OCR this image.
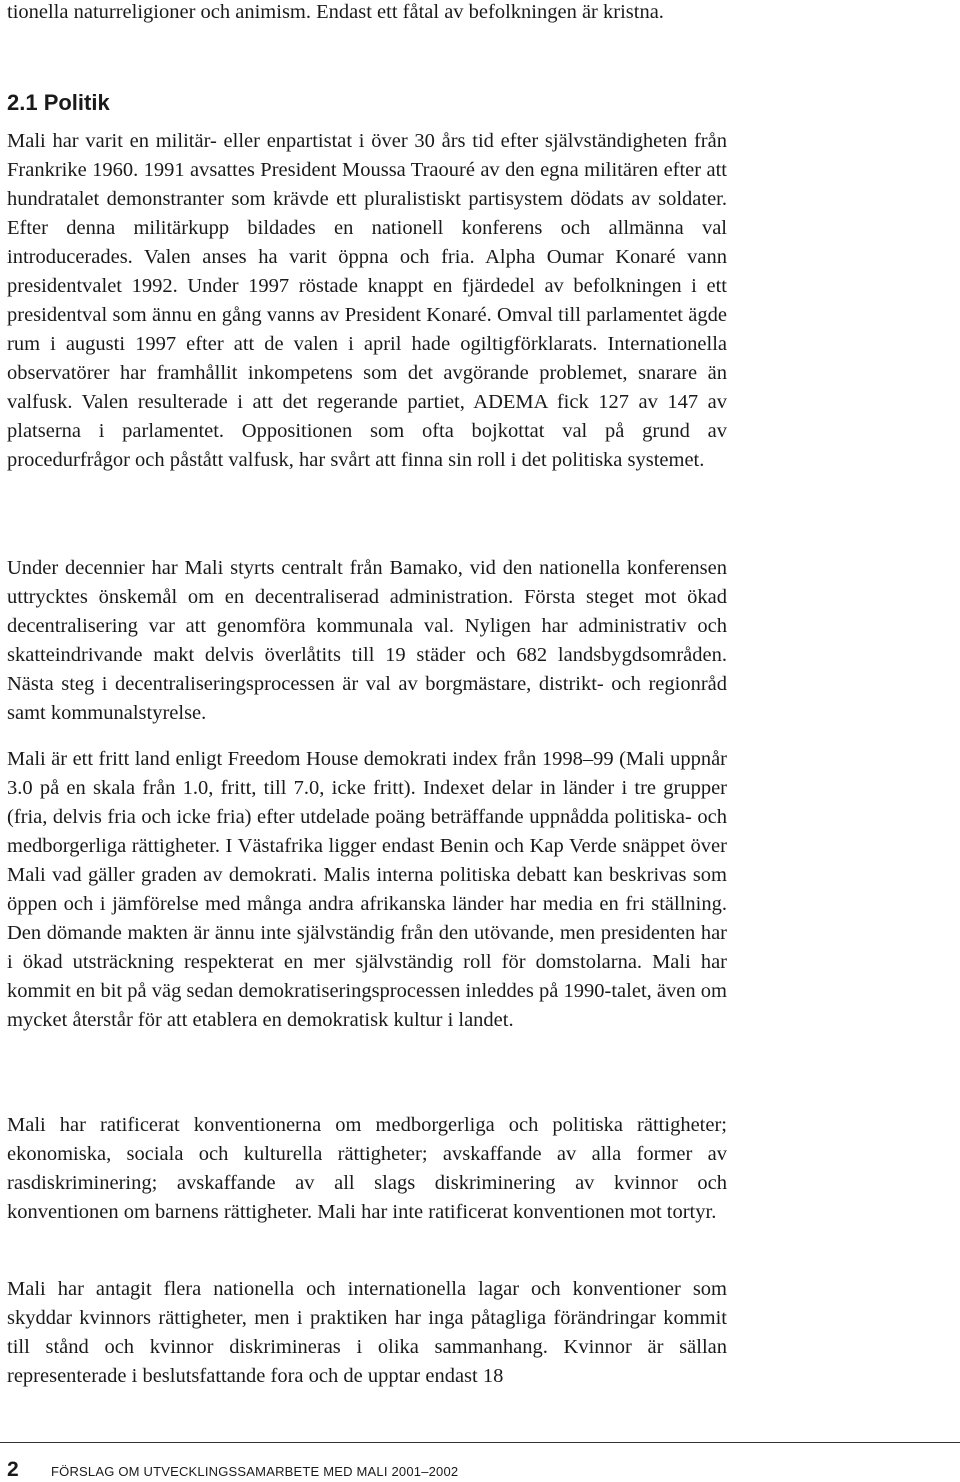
tionella naturreligioner och animism. Endast ett fåtal av befolkningen är kristna.

2.1 Politik

Mali har varit en militär- eller enpartistat i över 30 års tid efter självständigheten från Frankrike 1960. 1991 avsattes President Moussa Traouré av den egna militären efter att hundratalet demonstranter som krävde ett pluralistiskt partisystem dödats av soldater. Efter denna militärkupp bildades en nationell konferens och allmänna val introducerades. Valen anses ha varit öppna och fria. Alpha Oumar Konaré vann presidentvalet 1992. Under 1997 röstade knappt en fjärdedel av befolkningen i ett presidentval som ännu en gång vanns av President Konaré. Omval till parlamentet ägde rum i augusti 1997 efter att de valen i april hade ogiltigförklarats. Internationella observatörer har framhållit inkompetens som det avgörande problemet, snarare än valfusk. Valen resulterade i att det regerande partiet, ADEMA fick 127 av 147 av platserna i parlamentet. Oppositionen som ofta bojkottat val på grund av procedurfrågor och påstått valfusk, har svårt att finna sin roll i det politiska systemet.

Under decennier har Mali styrts centralt från Bamako, vid den nationella konferensen uttrycktes önskemål om en decentraliserad administration. Första steget mot ökad decentralisering var att genomföra kommunala val. Nyligen har administrativ och skatteindrivande makt delvis överlåtits till 19 städer och 682 landsbygdsområden. Nästa steg i decentraliseringsprocessen är val av borgmästare, distrikt- och regionråd samt kommunalstyrelse.

Mali är ett fritt land enligt Freedom House demokrati index från 1998–99 (Mali uppnår 3.0 på en skala från 1.0, fritt, till 7.0, icke fritt). Indexet delar in länder i tre grupper (fria, delvis fria och icke fria) efter utdelade poäng beträffande uppnådda politiska- och medborgerliga rättigheter. I Västafrika ligger endast Benin och Kap Verde snäppet över Mali vad gäller graden av demokrati. Malis interna politiska debatt kan beskrivas som öppen och i jämförelse med många andra afrikanska länder har media en fri ställning. Den dömande makten är ännu inte självständig från den utövande, men presidenten har i ökad utsträckning respekterat en mer självständig roll för domstolarna. Mali har kommit en bit på väg sedan demokratiseringsprocessen inleddes på 1990-talet, även om mycket återstår för att etablera en demokratisk kultur i landet.

Mali har ratificerat konventionerna om medborgerliga och politiska rättigheter; ekonomiska, sociala och kulturella rättigheter; avskaffande av alla former av rasdiskriminering; avskaffande av all slags diskriminering av kvinnor och konventionen om barnens rättigheter. Mali har inte ratificerat konventionen mot tortyr.

Mali har antagit flera nationella och internationella lagar och konventioner som skyddar kvinnors rättigheter, men i praktiken har inga påtagliga förändringar kommit till stånd och kvinnor diskrimineras i olika sammanhang. Kvinnor är sällan representerade i beslutsfattande fora och de upptar endast 18

2	FÖRSLAG OM UTVECKLINGSSAMARBETE MED MALI 2001–2002
